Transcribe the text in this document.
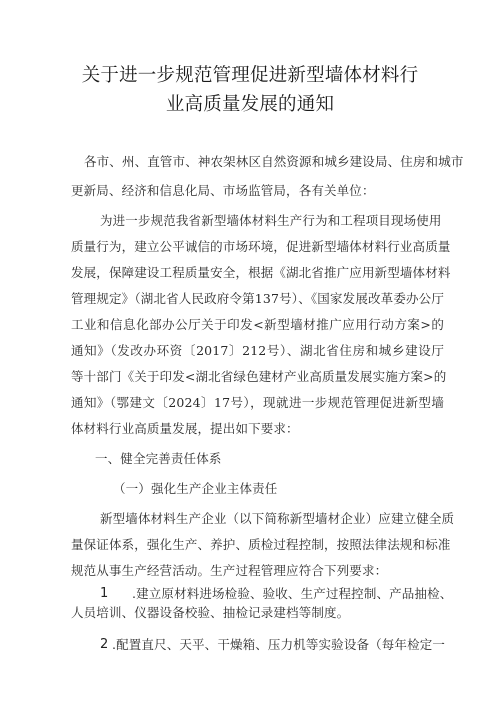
关于进一步规范管理促进新型墙体材料行
业高质量发展的通知
各市、州、直管市、神农架林区自然资源和城乡建设局、住房和城市
更新局、经济和信息化局、市场监管局，各有关单位：
为进一步规范我省新型墙体材料生产行为和工程项目现场使用
质量行为，建立公平诚信的市场环境，促进新型墙体材料行业高质量
发展，保障建设工程质量安全，根据《湖北省推广应用新型墙体材料
管理规定》（湖北省人民政府令第137号）、《国家发展改革委办公厅
工业和信息化部办公厅关于印发<新型墙材推广应用行动方案>的
通知》（发改办环资〔2017〕212号）、湖北省住房和城乡建设厅
等十部门《关于印发<湖北省绿色建材产业高质量发展实施方案>的
通知》（鄂建文〔2024〕17号），现就进一步规范管理促进新型墙
体材料行业高质量发展，提出如下要求：
一、健全完善责任体系
（一）强化生产企业主体责任
新型墙体材料生产企业（以下简称新型墙材企业）应建立健全质
量保证体系，强化生产、养护、质检过程控制，按照法律法规和标准
规范从事生产经营活动。生产过程管理应符合下列要求：
1 .建立原材料进场检验、验收、生产过程控制、产品抽检、
人员培训、仪器设备校验、抽检记录建档等制度。
2 .配置直尺、天平、干燥箱、压力机等实验设备（每年检定一
